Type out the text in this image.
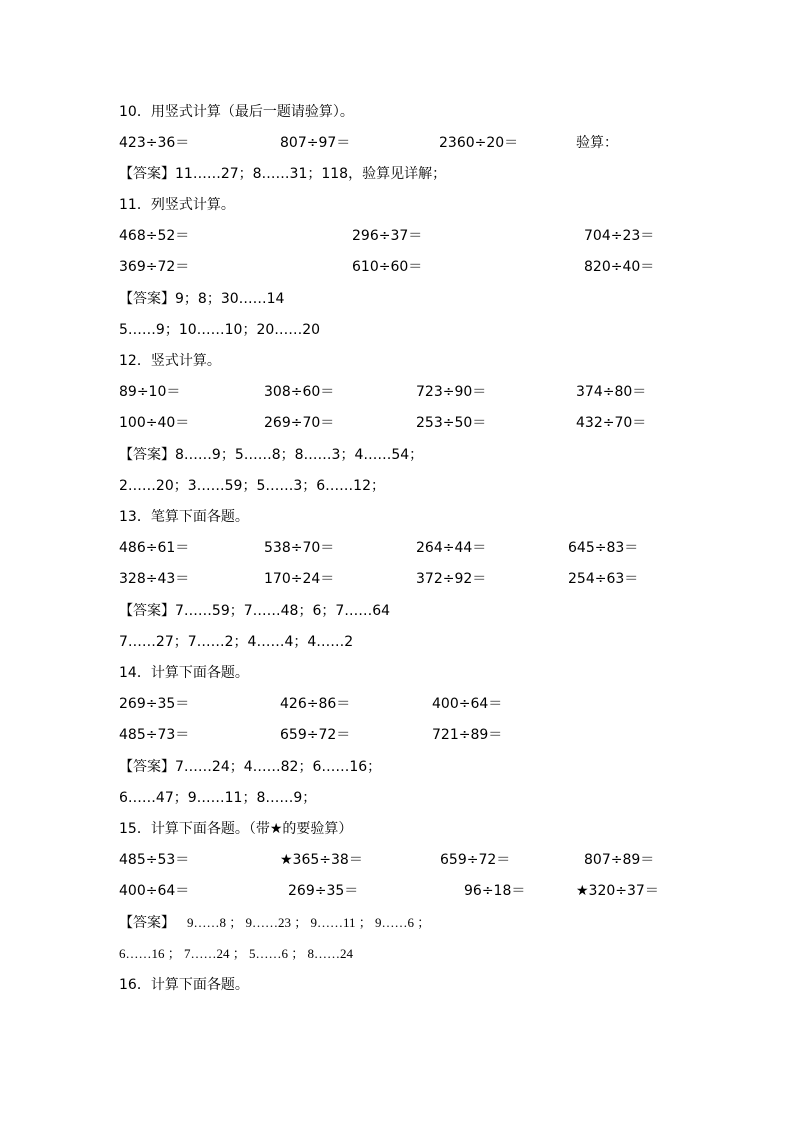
10．用竖式计算（最后一题请验算）。
423÷36＝	807÷97＝	2360÷20＝	验算：
【答案】11……27；8……31；118，验算见详解；
11．列竖式计算。
468÷52＝	296÷37＝	704÷23＝
369÷72＝	610÷60＝	820÷40＝
【答案】9；8；30……14
5……9；10……10；20……20
12．竖式计算。
89÷10＝	308÷60＝	723÷90＝	374÷80＝
100÷40＝	269÷70＝	253÷50＝	432÷70＝
【答案】8……9；5……8；8……3；4……54；
2……20；3……59；5……3；6……12；
13．笔算下面各题。
486÷61＝	538÷70＝	264÷44＝	645÷83＝
328÷43＝	170÷24＝	372÷92＝	254÷63＝
【答案】7……59；7……48；6；7……64
7……27；7……2；4……4；4……2
14．计算下面各题。
269÷35＝	426÷86＝	400÷64＝
485÷73＝	659÷72＝	721÷89＝
【答案】7……24；4……82；6……16；
6……47；9……11；8……9；
15．计算下面各题。（带★的要验算）
485÷53＝	★365÷38＝	659÷72＝	807÷89＝
400÷64＝	269÷35＝	96÷18＝	★320÷37＝
【答案】 9……8 ； 9……23 ； 9……11 ； 9……6 ；
6……16 ； 7……24 ； 5……6 ； 8……24
16．计算下面各题。
